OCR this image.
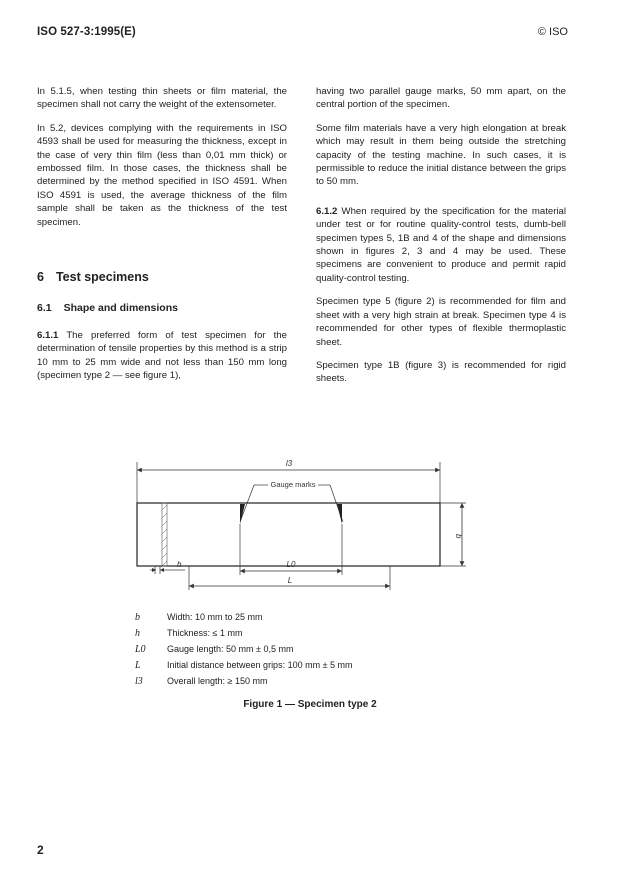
ISO 527-3:1995(E)	© ISO

In 5.1.5, when testing thin sheets or film material, the specimen shall not carry the weight of the extensometer.

In 5.2, devices complying with the requirements in ISO 4593 shall be used for measuring the thickness, except in the case of very thin film (less than 0,01 mm thick) or embossed film. In those cases, the thickness shall be determined by the method specified in ISO 4591. When ISO 4591 is used, the average thickness of the film sample shall be taken as the thickness of the test specimen.

6 Test specimens
6.1 Shape and dimensions

6.1.1 The preferred form of test specimen for the determination of tensile properties by this method is a strip 10 mm to 25 mm wide and not less than 150 mm long (specimen type 2 — see figure 1),

having two parallel gauge marks, 50 mm apart, on the central portion of the specimen.

Some film materials have a very high elongation at break which may result in them being outside the stretching capacity of the testing machine. In such cases, it is permissible to reduce the initial distance between the grips to 50 mm.

6.1.2 When required by the specification for the material under test or for routine quality-control tests, dumb-bell specimen types 5, 1B and 4 of the shape and dimensions shown in figures 2, 3 and 4 may be used. These specimens are convenient to produce and permit rapid quality-control testing.

Specimen type 5 (figure 2) is recommended for film and sheet with a very high strain at break. Specimen type 4 is recommended for other types of flexible thermoplastic sheet.

Specimen type 1B (figure 3) is recommended for rigid sheets.

l3
Gauge marks
b
h	L0
L
b	Width: 10 mm to 25 mm
h	Thickness: ≤ 1 mm
L0	Gauge length: 50 mm ± 0,5 mm
L	Initial distance between grips: 100 mm ± 5 mm
l3	Overall length: ≥ 150 mm
Figure 1 — Specimen type 2
2
